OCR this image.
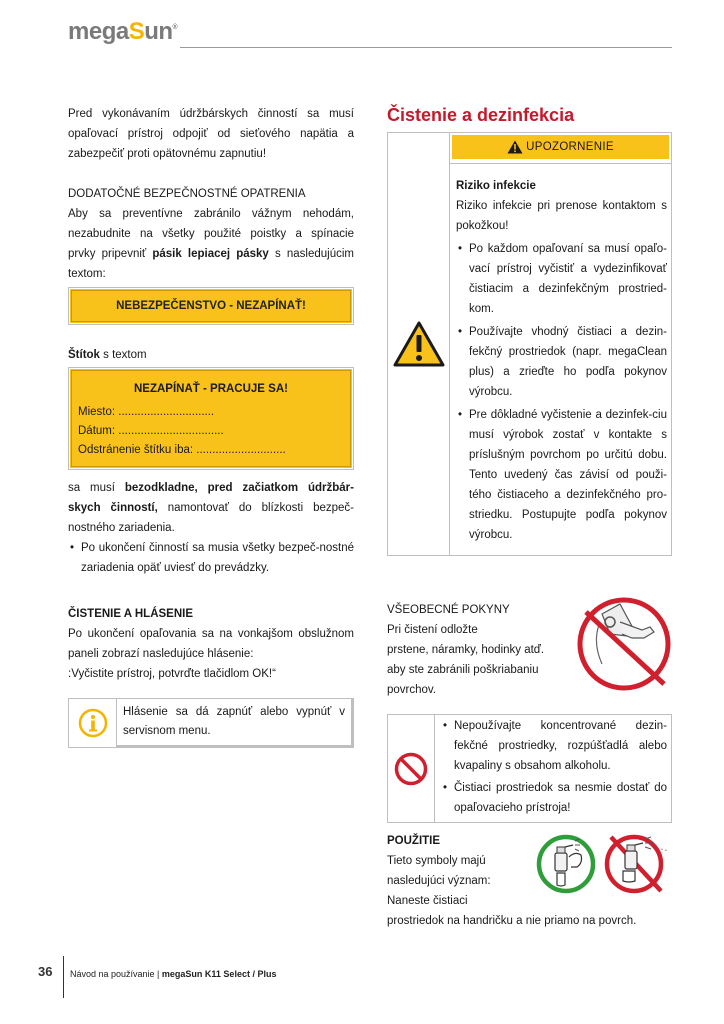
megaSun®

Pred vykonávaním údržbárskych činností sa musí

opaľovací prístroj odpojiť od sieťového napätia a

zabezpečiť proti opätovnému zapnutiu!

DODATOČNÉ BEZPEČNOSTNÉ OPATRENIA

Aby sa preventívne zabránilo vážnym nehodám,

nezabudnite na všetky použité poistky a spínacie

prvky pripevniť pásik lepiacej pásky s nasledujúcim

textom:

NEBEZPEČENSTVO - NEZAPÍNAŤ!

Štítok s textom

NEZAPÍNAŤ - PRACUJE SA!
Miesto: ..............................
Dátum: .................................
Odstránenie štítku iba: ............................

sa musí bezodkladne, pred začiatkom údržbár-

skych činností, namontovať do blízkosti bezpeč-

nostného zariadenia.

• Po ukončení činností sa musia všetky bezpeč-nostné zariadenia opäť uviesť do prevádzky.

ČISTENIE A HLÁSENIE

Po ukončení opaľovania sa na vonkajšom obslužnom

paneli zobrazí nasledujúce hlásenie:

:Vyčistite prístroj, potvrďte tlačidlom OK!“

Hlásenie sa dá zapnúť alebo vypnúť v servisnom menu.
Čistenie a dezinfekcia
UPOZORNENIE

Riziko infekcie

Riziko infekcie pri prenose kontaktom s pokožkou!

• Po každom opaľovaní sa musí opaľo-vací prístroj vyčistiť a vydezinfikovať čistiacim a dezinfekčným prostried-kom.
• Používajte vhodný čistiaci a dezin-fekčný prostriedok (napr. megaClean plus) a zrieďte ho podľa pokynov výrobcu.
• Pre dôkladné vyčistenie a dezinfek-ciu musí výrobok zostať v kontakte s príslušným povrchom po určitú dobu. Tento uvedený čas závisí od použi-tého čistiaceho a dezinfekčného pro-striedku. Postupujte podľa pokynov výrobcu.

VŠEOBECNÉ POKYNY

Pri čistení odložte

prstene, náramky, hodinky atď.

aby ste zabránili poškriabaniu

povrchov.

• Nepoužívajte koncentrované dezin-fekčné prostriedky, rozpúšťadlá alebo kvapaliny s obsahom alkoholu.
• Čistiaci prostriedok sa nesmie dostať do opaľovacieho prístroja!

POUŽITIE

Tieto symboly majú

nasledujúci význam:

Naneste čistiaci

prostriedok na handričku a nie priamo na povrch.

36 Návod na používanie | megaSun K11 Select / Plus
